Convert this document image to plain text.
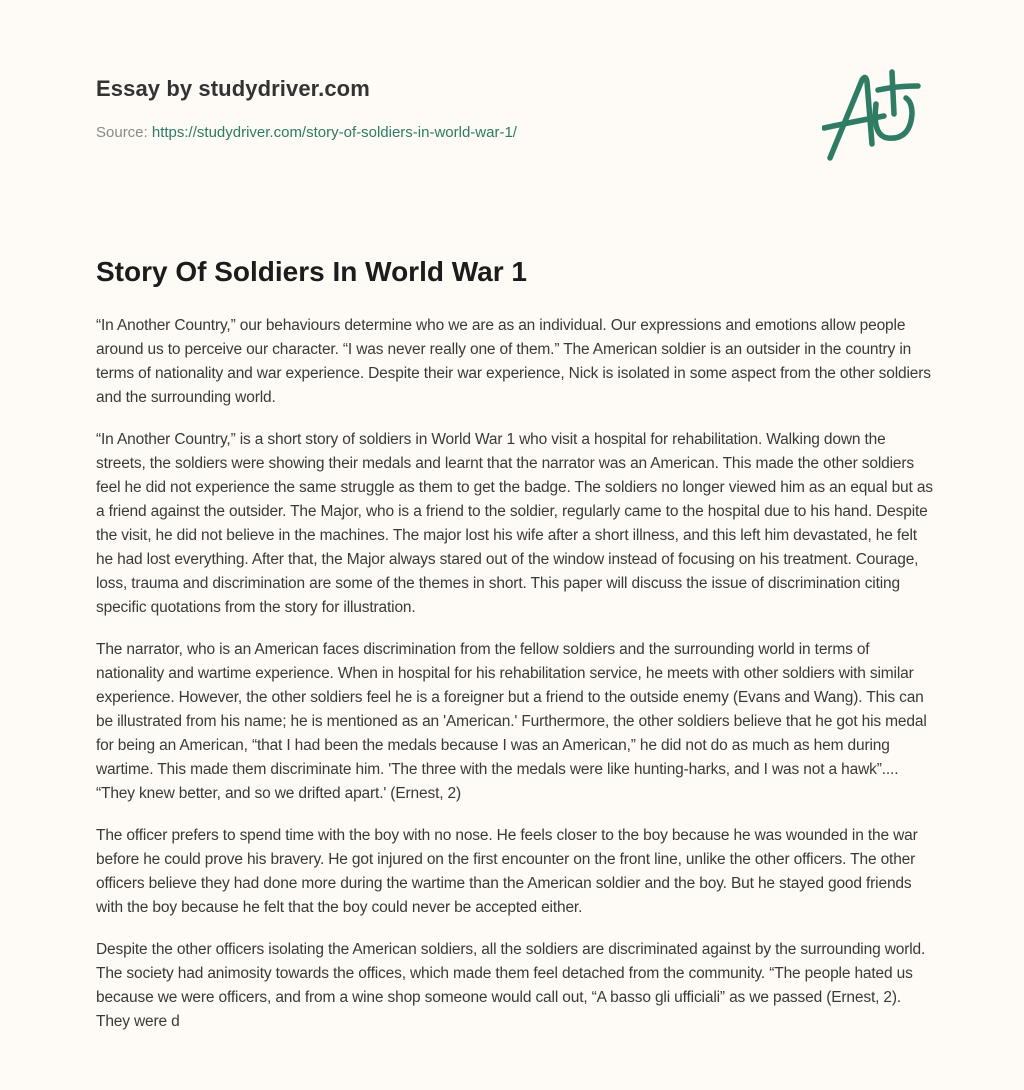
Essay by studydriver.com
Source: https://studydriver.com/story-of-soldiers-in-world-war-1/
Story Of Soldiers In World War 1

“In Another Country,” our behaviours determine who we are as an individual. Our expressions and emotions allow people around us to perceive our character. “I was never really one of them.” The American soldier is an outsider in the country in terms of nationality and war experience. Despite their war experience, Nick is isolated in some aspect from the other soldiers and the surrounding world.

“In Another Country,” is a short story of soldiers in World War 1 who visit a hospital for rehabilitation. Walking down the streets, the soldiers were showing their medals and learnt that the narrator was an American. This made the other soldiers feel he did not experience the same struggle as them to get the badge. The soldiers no longer viewed him as an equal but as a friend against the outsider. The Major, who is a friend to the soldier, regularly came to the hospital due to his hand. Despite the visit, he did not believe in the machines. The major lost his wife after a short illness, and this left him devastated, he felt he had lost everything. After that, the Major always stared out of the window instead of focusing on his treatment. Courage, loss, trauma and discrimination are some of the themes in short. This paper will discuss the issue of discrimination citing specific quotations from the story for illustration.

The narrator, who is an American faces discrimination from the fellow soldiers and the surrounding world in terms of nationality and wartime experience. When in hospital for his rehabilitation service, he meets with other soldiers with similar experience. However, the other soldiers feel he is a foreigner but a friend to the outside enemy (Evans and Wang). This can be illustrated from his name; he is mentioned as an 'American.' Furthermore, the other soldiers believe that he got his medal for being an American, “that I had been the medals because I was an American,” he did not do as much as hem during wartime. This made them discriminate him. 'The three with the medals were like hunting-harks, and I was not a hawk”.... “They knew better, and so we drifted apart.' (Ernest, 2)

The officer prefers to spend time with the boy with no nose. He feels closer to the boy because he was wounded in the war before he could prove his bravery. He got injured on the first encounter on the front line, unlike the other officers. The other officers believe they had done more during the wartime than the American soldier and the boy. But he stayed good friends with the boy because he felt that the boy could never be accepted either.

Despite the other officers isolating the American soldiers, all the soldiers are discriminated against by the surrounding world. The society had animosity towards the offices, which made them feel detached from the community. “The people hated us because we were officers, and from a wine shop someone would call out, “A basso gli ufficiali” as we passed (Ernest, 2). They were d
